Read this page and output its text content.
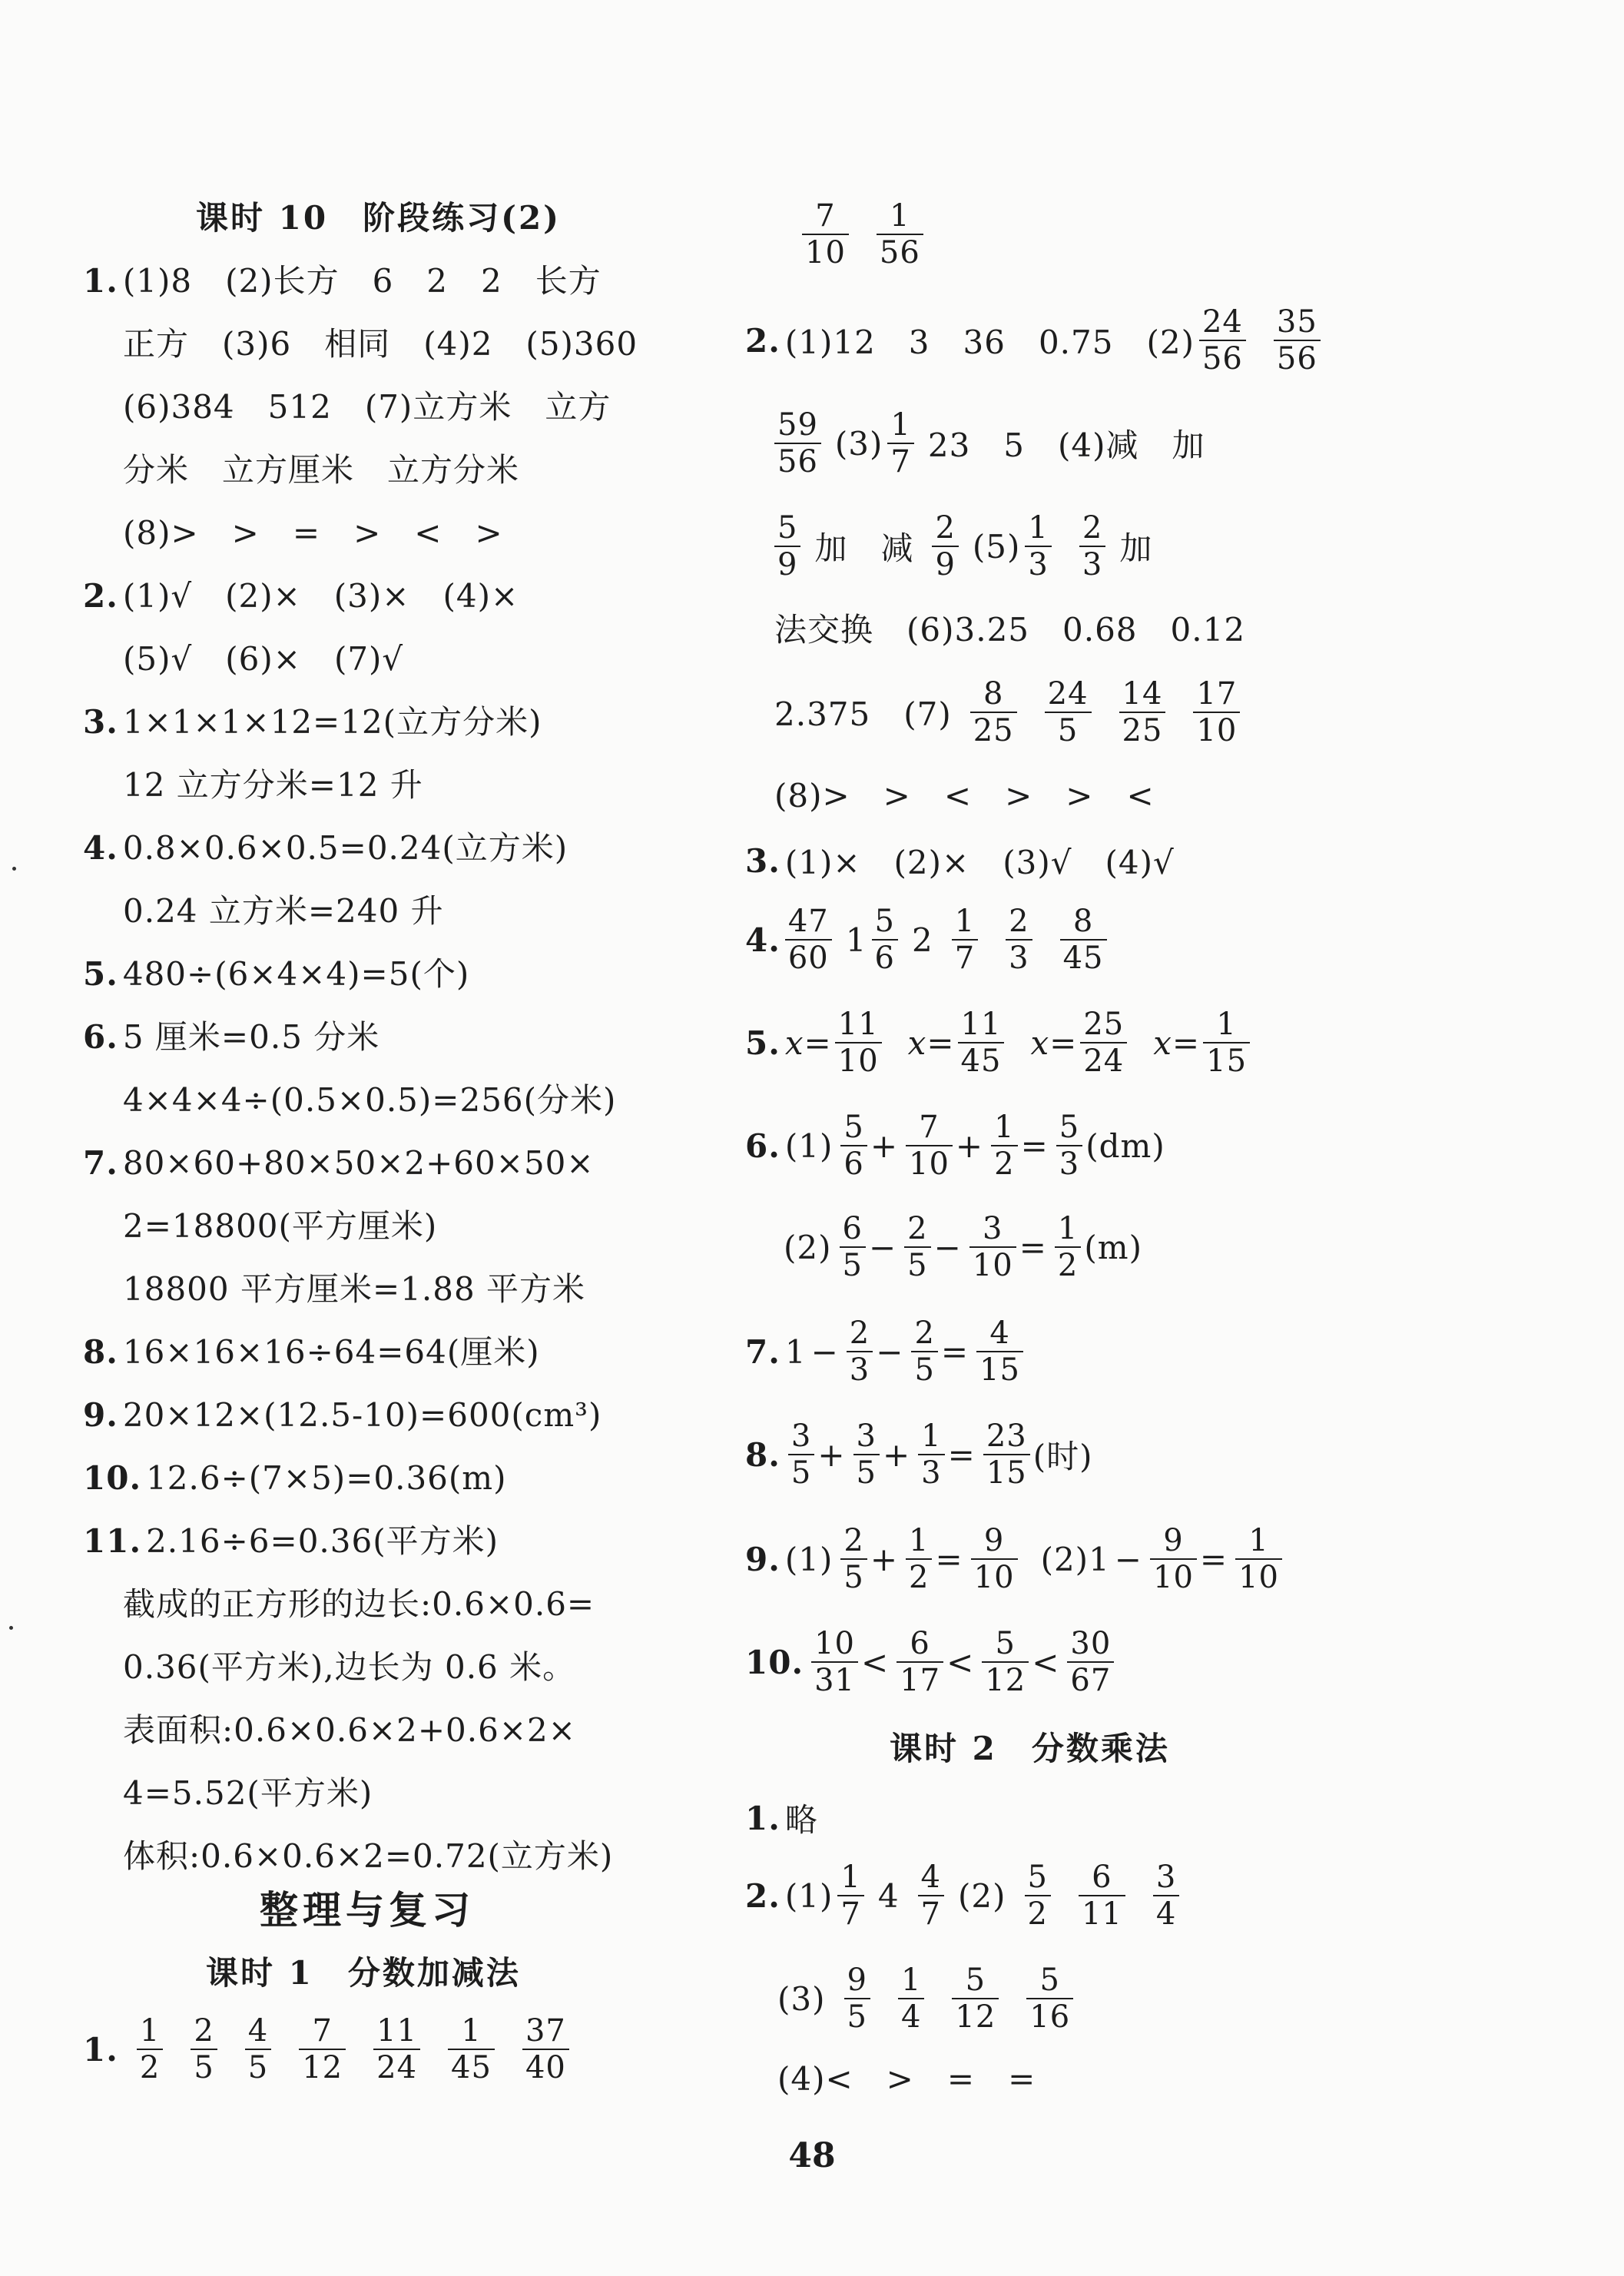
课时 10　阶段练习(2)
1. (1)8　(2)长方　6　2　2　长方
正方　(3)6　相同　(4)2　(5)360
(6)384　512　(7)立方米　立方
分米　立方厘米　立方分米
(8)>　>　=　>　<　>
2. (1)√　(2)×　(3)×　(4)×
(5)√　(6)×　(7)√
3. 1×1×1×12=12(立方分米)
12 立方分米=12 升
4. 0.8×0.6×0.5=0.24(立方米)
0.24 立方米=240 升
5. 480÷(6×4×4)=5(个)
6. 5 厘米=0.5 分米
4×4×4÷(0.5×0.5)=256(分米)
7. 80×60+80×50×2+60×50×
2=18800(平方厘米)
18800 平方厘米=1.88 平方米
8. 16×16×16÷64=64(厘米)
9. 20×12×(12.5-10)=600(cm³)
10. 12.6÷(7×5)=0.36(m)
11. 2.16÷6=0.36(平方米)
截成的正方形的边长:0.6×0.6=
0.36(平方米),边长为 0.6 米。
表面积:0.6×0.6×2+0.6×2×
4=5.52(平方米)
体积:0.6×0.6×2=0.72(立方米)
整理与复习
课时 1　分数加减法
1. $\frac{1}{2} \frac{2}{5} \frac{4}{5} \frac{7}{12} \frac{11}{24} \frac{1}{45} \frac{37}{40}$
$\frac{7}{10} \frac{1}{56}$
2. (1)12　3　36　0.75　$(2) \frac{24}{56} \frac{35}{56}$
$\frac{59}{56} (3) \frac{1}{7} 23$　5　(4)减　加
$\frac{5}{9}$ 加　减 $\frac{2}{9} (5) \frac{1}{3} \frac{2}{3}$ 加
法交换　(6)3.25　0.68　0.12
2.375　$(7) \frac{8}{25} \frac{24}{5} \frac{14}{25} \frac{17}{10}$
(8)>　>　<　>　>　<
3. (1)×　(2)×　(3)√　(4)√
4. $\frac{47}{60} 1 \frac{5}{6} 2 \frac{1}{7} \frac{2}{3} \frac{8}{45}$
5. $x= \frac{11}{10} x= \frac{11}{45} x= \frac{25}{24} x= \frac{1}{15}$
6. $(1) \frac{5}{6} + \frac{7}{10} + \frac{1}{2} = \frac{5}{3} (dm)$
$(2) \frac{6}{5} - \frac{2}{5} - \frac{3}{10} = \frac{1}{2} (m)$
7. $1 - \frac{2}{3} - \frac{2}{5} = \frac{4}{15}$
8. $\frac{3}{5} + \frac{3}{5} + \frac{1}{3} = \frac{23}{15}$ (时)
9. $(1) \frac{2}{5} + \frac{1}{2} = \frac{9}{10} (2)1 - \frac{9}{10} = \frac{1}{10}$
10. $\frac{10}{31} < \frac{6}{17} < \frac{5}{12} < \frac{30}{67}$
课时 2　分数乘法
1. 略
2. $(1) \frac{1}{7} 4 \frac{4}{7} (2) \frac{5}{2} \frac{6}{11} \frac{3}{4}$
$(3) \frac{9}{5} \frac{1}{4} \frac{5}{12} \frac{5}{16}$
(4)<　>　=　=
48
